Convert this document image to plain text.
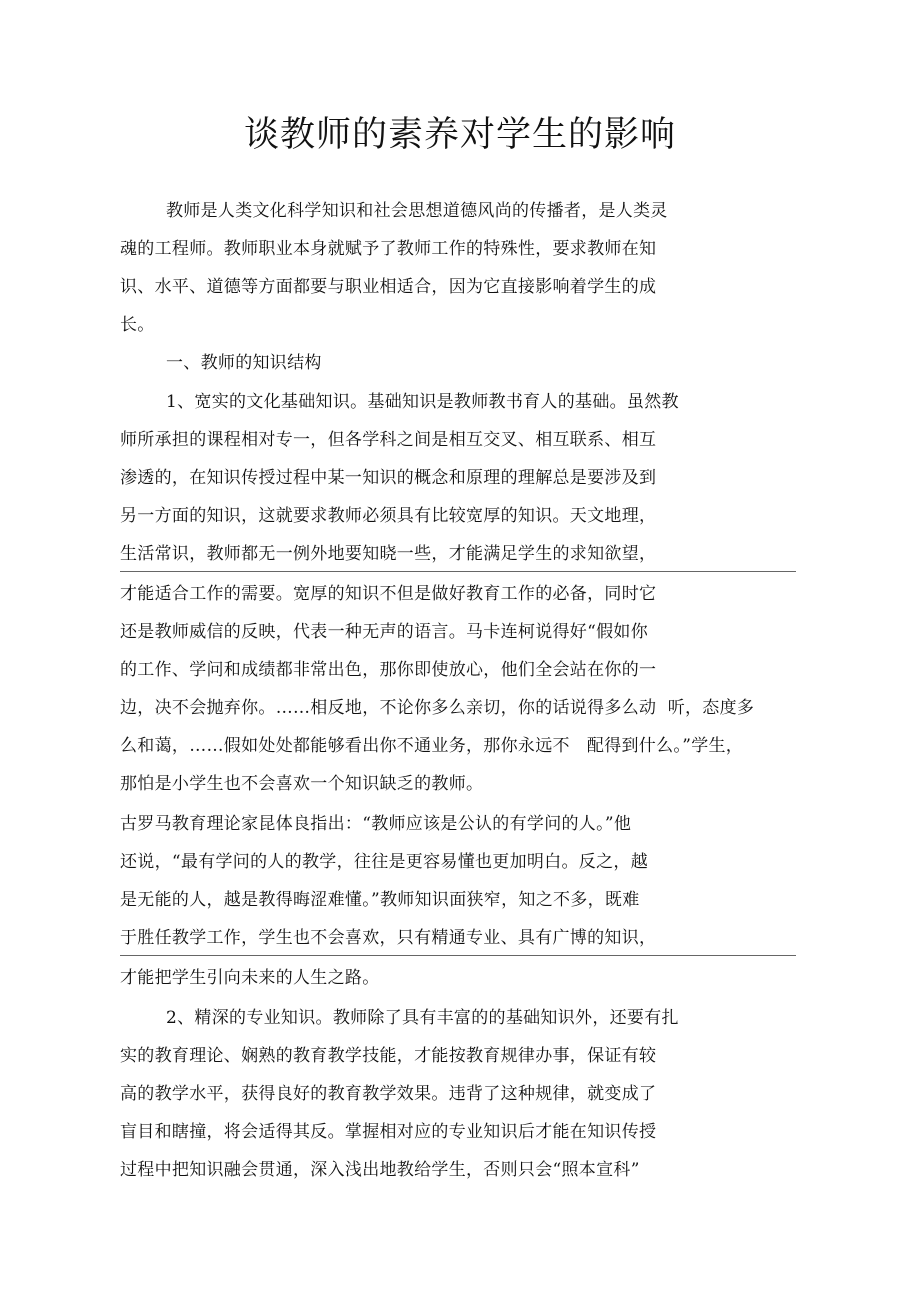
谈教师的素养对学生的影响
教师是人类文化科学知识和社会思想道德风尚的传播者，是人类灵
魂的工程师。教师职业本身就赋予了教师工作的特殊性，要求教师在知
识、水平、道德等方面都要与职业相适合，因为它直接影响着学生的成
长。
一、教师的知识结构
1、宽实的文化基础知识。基础知识是教师教书育人的基础。虽然教
师所承担的课程相对专一，但各学科之间是相互交叉、相互联系、相互
渗透的，在知识传授过程中某一知识的概念和原理的理解总是要涉及到
另一方面的知识，这就要求教师必须具有比较宽厚的知识。天文地理，
生活常识，教师都无一例外地要知晓一些，才能满足学生的求知欲望，
才能适合工作的需要。宽厚的知识不但是做好教育工作的必备，同时它
还是教师威信的反映，代表一种无声的语言。马卡连柯说得好“假如你
的工作、学问和成绩都非常出色，那你即使放心，他们全会站在你的一
边，决不会抛弃你。……相反地，不论你多么亲切，你的话说得多么动  听，态度多
么和蔼，……假如处处都能够看出你不通业务，那你永远不   配得到什么。”学生，
那怕是小学生也不会喜欢一个知识缺乏的教师。
古罗马教育理论家昆体良指出：“教师应该是公认的有学问的人。”他
还说，“最有学问的人的教学，往往是更容易懂也更加明白。反之，越
是无能的人，越是教得晦涩难懂。”教师知识面狭窄，知之不多，既难
于胜任教学工作，学生也不会喜欢，只有精通专业、具有广博的知识，
才能把学生引向未来的人生之路。
2、精深的专业知识。教师除了具有丰富的的基础知识外，还要有扎
实的教育理论、娴熟的教育教学技能，才能按教育规律办事，保证有较
高的教学水平，获得良好的教育教学效果。违背了这种规律，就变成了
盲目和瞎撞，将会适得其反。掌握相对应的专业知识后才能在知识传授
过程中把知识融会贯通，深入浅出地教给学生，否则只会“照本宣科”
